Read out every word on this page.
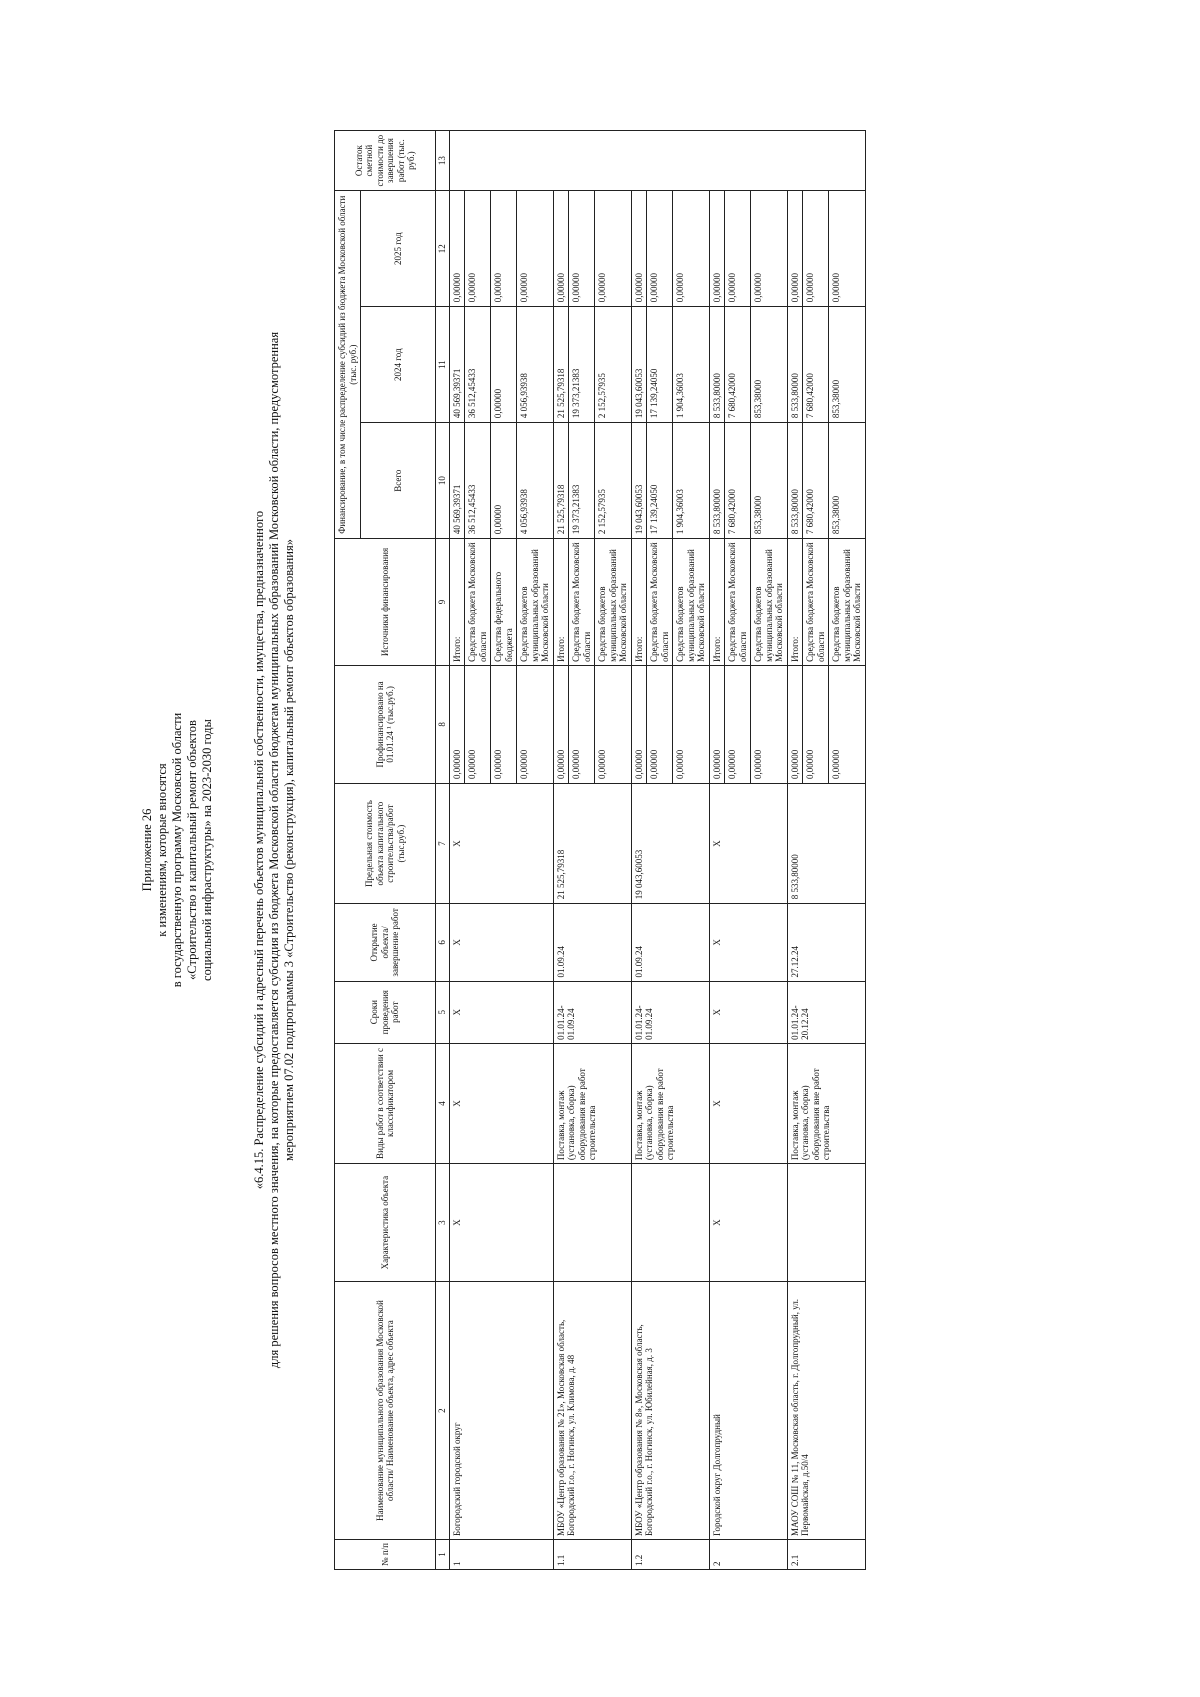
Приложение 26 к изменениям, которые вносятся в государственную программу Московской области «Строительство и капитальный ремонт объектов социальной инфраструктуры» на 2023-2030 годы	«6.4.15. Распределение субсидий и адресный перечень объектов муниципальной собственности, имущества, предназначенного для решения вопросов местного значения, на которые предоставляется субсидия из бюджета Московской области бюджетам муниципальных образований Московской области, предусмотренная мероприятием 07.02 подпрограммы 3 «Строительство (реконструкция), капитальный ремонт объектов образования»
№ п/п	Наименование муниципального образования Московской области/ Наименование объекта, адрес объекта	Характеристика объекта	Виды работ в соответствии с классификатором	Сроки проведения работ	Открытие объекта/ завершение работ	Предельная стоимость объекта капитального строительства/работ (тыс.руб.)	Профинансировано на 01.01.24 ¹ (тыс.руб.)	Источники финансирования	Финансирование, в том числе распределение субсидий из бюджета Московской области (тыс. руб.)			Остаток сметной стоимости до завершения работ (тыс. руб.)
									Всего	2024 год	2025 год	
1	2	3	4	5	6	7	8	9	10	11	12	13
1	Богородский городской округ	X	X	X	X	X	0,00000	Итого:	40 569,39371	40 569,39371	0,00000	
							0,00000	Средства бюджета Московской области	36 512,45433	36 512,45433	0,00000	
							0,00000	Средства федерального бюджета	0,00000	0,00000	0,00000	
							0,00000	Средства бюджетов муниципальных образований Московской области	4 056,93938	4 056,93938	0,00000	
1.1	МБОУ «Центр образования № 21», Московская область, Богородский г.о., г. Ногинск, ул. Климова, д. 48		Поставка, монтаж (установка, сборка) оборудования вне работ строительства	01.01.24-01.09.24	01.09.24	21 525,79318	0,00000	Итого:	21 525,79318	21 525,79318	0,00000	
							0,00000	Средства бюджета Московской области	19 373,21383	19 373,21383	0,00000	
							0,00000	Средства бюджетов муниципальных образований Московской области	2 152,57935	2 152,57935	0,00000	
1.2	МБОУ «Центр образования № 8», Московская область, Богородский г.о., г. Ногинск, ул. Юбилейная, д. 3		Поставка, монтаж (установка, сборка) оборудования вне работ строительства	01.01.24-01.09.24	01.09.24	19 043,60053	0,00000	Итого:	19 043,60053	19 043,60053	0,00000	
							0,00000	Средства бюджета Московской области	17 139,24050	17 139,24050	0,00000	
							0,00000	Средства бюджетов муниципальных образований Московской области	1 904,36003	1 904,36003	0,00000	
2	Городской округ Долгопрудный	X	X	X	X	X	0,00000	Итого:	8 533,80000	8 533,80000	0,00000	
							0,00000	Средства бюджета Московской области	7 680,42000	7 680,42000	0,00000	
							0,00000	Средства бюджетов муниципальных образований Московской области	853,38000	853,38000	0,00000	
2.1	МАОУ СОШ № 11, Московская область, г. Долгопрудный, ул. Первомайская, д.50/4		Поставка, монтаж (установка, сборка) оборудования вне работ строительства	01.01.24-20.12.24	27.12.24	8 533,80000	0,00000	Итого:	8 533,80000	8 533,80000	0,00000	
							0,00000	Средства бюджета Московской области	7 680,42000	7 680,42000	0,00000	
							0,00000	Средства бюджетов муниципальных образований Московской области	853,38000	853,38000	0,00000	
